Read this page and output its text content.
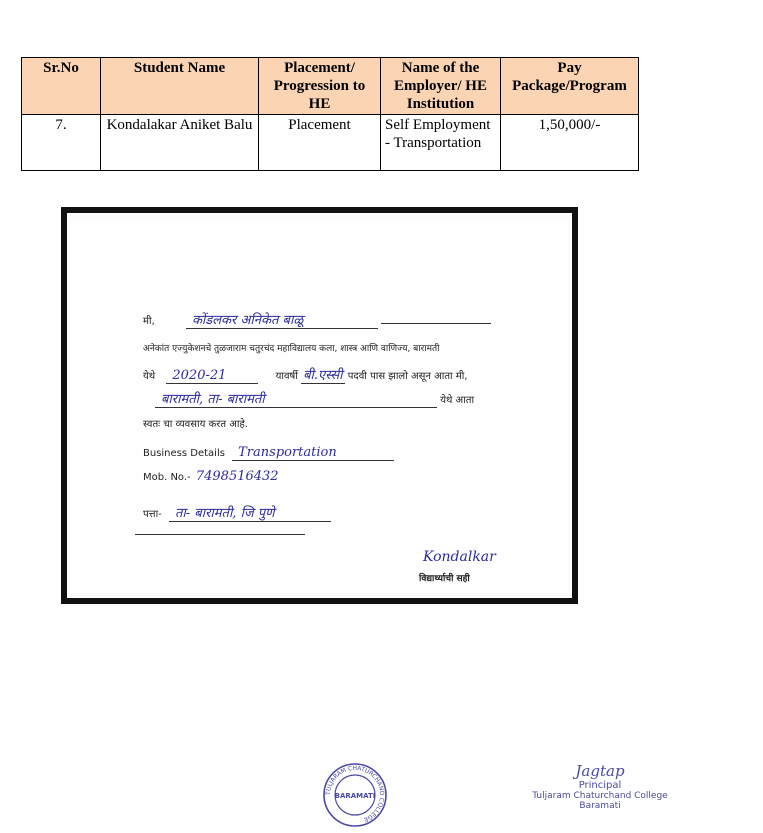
Sr.No	Student Name	Placement/ Progression to HE	Name of the Employer/ HE Institution	Pay Package/Program
7.	Kondalakar Aniket Balu	Placement	Self Employment - Transportation	1,50,000/-
मी,	कोंडलकर अनिकेत बाळू
अनेकांत एज्युकेशनचे तुळजाराम चतुरचंद महाविद्यालय कला, शास्त्र आणि वाणिज्य, बारामती
येथे 2020-21	यावर्षी बी.एस्सी पदवी पास झालो असून आता मी,
बारामती, ता- बारामती	येथे आता
स्वतः चा व्यवसाय करत आहे.
Business Details Transportation
Mob. No.- 7498516432
पत्ता- ता- बारामती, जि पुणे
Kondalkar
विद्यार्थ्याची सही
TULJARAM CHATURCHAND COLLEGE
BARAMATI
Jagtap
Principal
Tuljaram Chaturchand College
Baramati
